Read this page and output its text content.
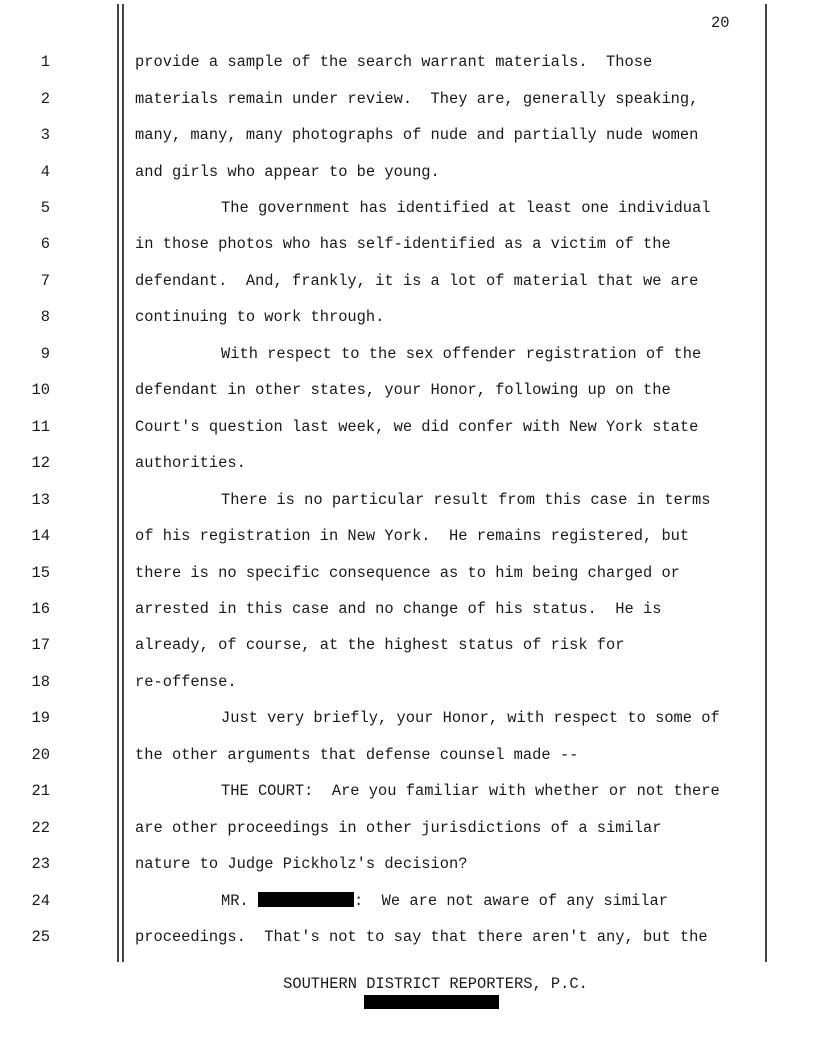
20
1	provide a sample of the search warrant materials.  Those
2	materials remain under review.  They are, generally speaking,
3	many, many, many photographs of nude and partially nude women
4	and girls who appear to be young.
5	The government has identified at least one individual
6	in those photos who has self-identified as a victim of the
7	defendant.  And, frankly, it is a lot of material that we are
8	continuing to work through.
9	With respect to the sex offender registration of the
10	defendant in other states, your Honor, following up on the
11	Court's question last week, we did confer with New York state
12	authorities.
13	There is no particular result from this case in terms
14	of his registration in New York.  He remains registered, but
15	there is no specific consequence as to him being charged or
16	arrested in this case and no change of his status.  He is
17	already, of course, at the highest status of risk for
18	re-offense.
19	Just very briefly, your Honor, with respect to some of
20	the other arguments that defense counsel made --
21	THE COURT:  Are you familiar with whether or not there
22	are other proceedings in other jurisdictions of a similar
23	nature to Judge Pickholz's decision?
24	MR.	:  We are not aware of any similar
25	proceedings.  That's not to say that there aren't any, but the
SOUTHERN DISTRICT REPORTERS, P.C.
